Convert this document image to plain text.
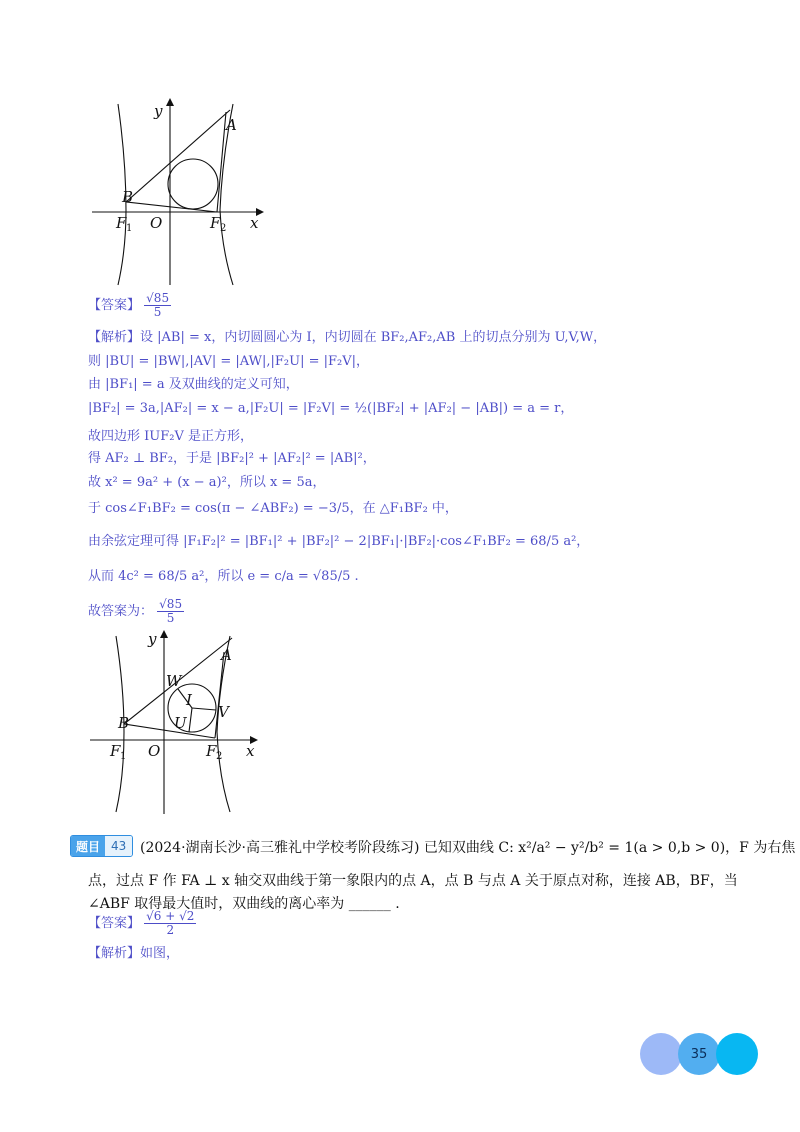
y
A
B
F 1 O	F 2 x
【答案】 $\frac{√85}{5}$
【解析】设 |AB| = x，内切圆圆心为 I，内切圆在 BF₂,AF₂,AB 上的切点分别为 U,V,W，
则 |BU| = |BW|,|AV| = |AW|,|F₂U| = |F₂V|，
由 |BF₁| = a 及双曲线的定义可知，
|BF₂| = 3a,|AF₂| = x − a,|F₂U| = |F₂V| = ½(|BF₂| + |AF₂| − |AB|) = a = r，
故四边形 IUF₂V 是正方形，
得 AF₂ ⊥ BF₂，于是 |BF₂|² + |AF₂|² = |AB|²，
故 x² = 9a² + (x − a)²，所以 x = 5a，
于 cos∠F₁BF₂ = cos(π − ∠ABF₂) = −3/5，在 △F₁BF₂ 中，
由余弦定理可得 |F₁F₂|² = |BF₁|² + |BF₂|² − 2|BF₁|·|BF₂|·cos∠F₁BF₂ = 68/5 a²，
从而 4c² = 68/5 a²，所以 e = c/a = √85/5 .
故答案为： $\frac{√85}{5}$
y
A
W
I
V
U
B
F 1 O	F 2 x
题目 43 (2024·湖南长沙·高三雅礼中学校考阶段练习) 已知双曲线 C: x²/a² − y²/b² = 1(a > 0,b > 0)，F 为右焦
点，过点 F 作 FA ⊥ x 轴交双曲线于第一象限内的点 A，点 B 与点 A 关于原点对称，连接 AB，BF，当
∠ABF 取得最大值时，双曲线的离心率为 ______ .
【答案】 $\frac{√6 + √2}{2}$
【解析】如图，
35
